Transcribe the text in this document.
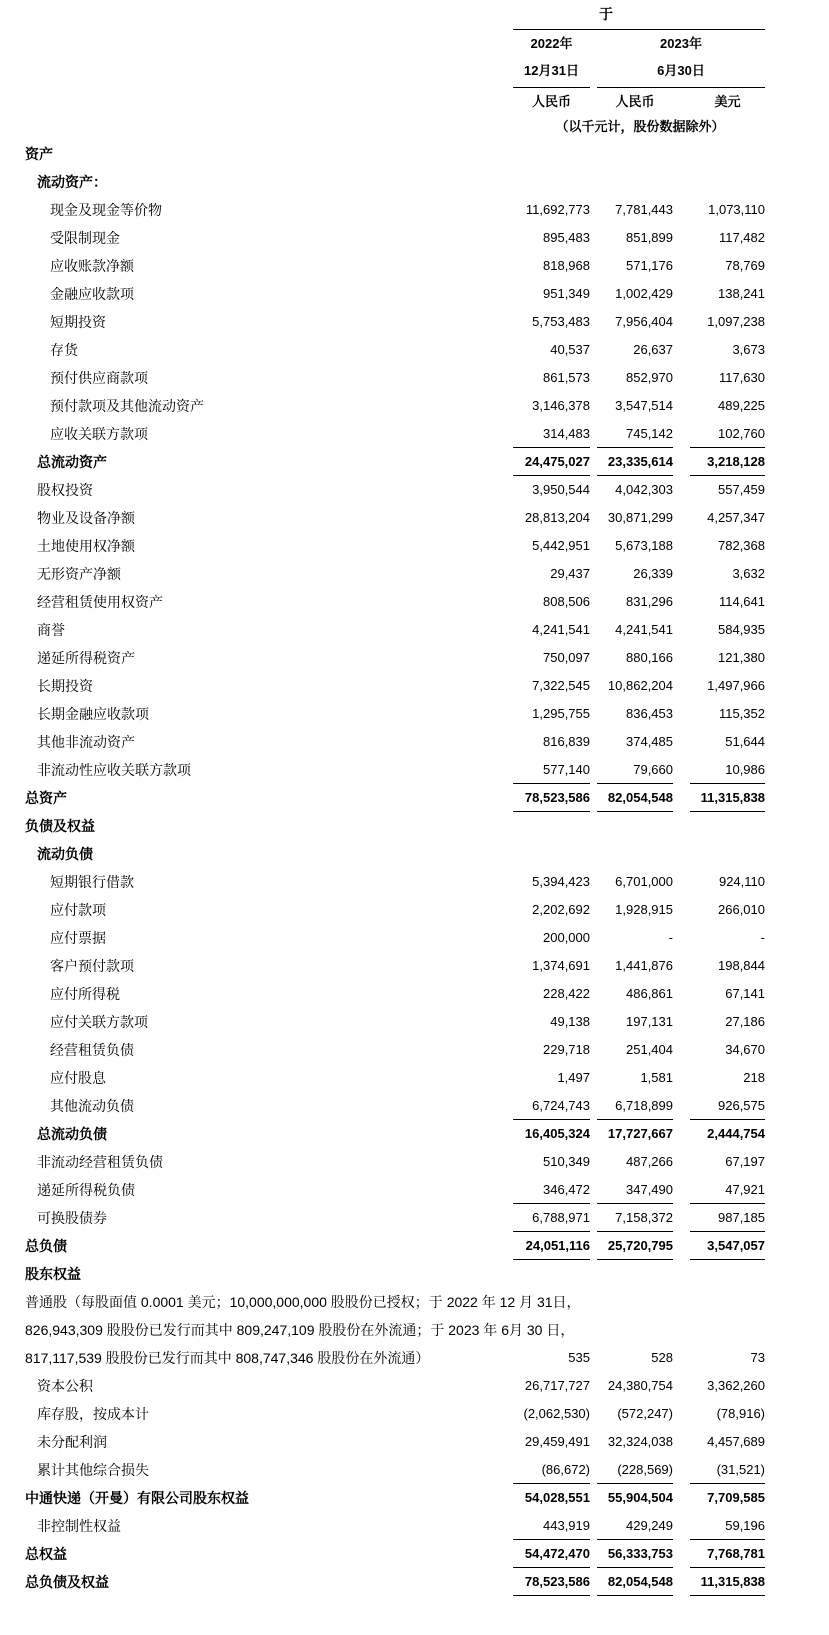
于
2022年	2023年
12月31日	6月30日
人民币	人民币	美元
（以千元计，股份数据除外）
资产
流动资产：
现金及现金等价物	11,692,773	7,781,443	1,073,110
受限制现金	895,483	851,899	117,482
应收账款净额	818,968	571,176	78,769
金融应收款项	951,349	1,002,429	138,241
短期投资	5,753,483	7,956,404	1,097,238
存货	40,537	26,637	3,673
预付供应商款项	861,573	852,970	117,630
预付款项及其他流动资产	3,146,378	3,547,514	489,225
应收关联方款项	314,483	745,142	102,760
总流动资产	24,475,027	23,335,614	3,218,128
股权投资	3,950,544	4,042,303	557,459
物业及设备净额	28,813,204	30,871,299	4,257,347
土地使用权净额	5,442,951	5,673,188	782,368
无形资产净额	29,437	26,339	3,632
经营租赁使用权资产	808,506	831,296	114,641
商誉	4,241,541	4,241,541	584,935
递延所得税资产	750,097	880,166	121,380
长期投资	7,322,545	10,862,204	1,497,966
长期金融应收款项	1,295,755	836,453	115,352
其他非流动资产	816,839	374,485	51,644
非流动性应收关联方款项	577,140	79,660	10,986
总资产	78,523,586	82,054,548	11,315,838
负债及权益
流动负债
短期银行借款	5,394,423	6,701,000	924,110
应付款项	2,202,692	1,928,915	266,010
应付票据	200,000	-	-
客户预付款项	1,374,691	1,441,876	198,844
应付所得税	228,422	486,861	67,141
应付关联方款项	49,138	197,131	27,186
经营租赁负债	229,718	251,404	34,670
应付股息	1,497	1,581	218
其他流动负债	6,724,743	6,718,899	926,575
总流动负债	16,405,324	17,727,667	2,444,754
非流动经营租赁负债	510,349	487,266	67,197
递延所得税负债	346,472	347,490	47,921
可换股债券	6,788,971	7,158,372	987,185
总负债	24,051,116	25,720,795	3,547,057
股东权益
普通股（每股面值 0.0001 美元；10,000,000,000 股股份已授权；于 2022 年 12 月 31日，
826,943,309 股股份已发行而其中 809,247,109 股股份在外流通；于 2023 年 6月 30 日，
817,117,539 股股份已发行而其中 808,747,346 股股份在外流通）	535	528	73
资本公积	26,717,727	24,380,754	3,362,260
库存股，按成本计	(2,062,530)	(572,247)	(78,916)
未分配利润	29,459,491	32,324,038	4,457,689
累计其他综合损失	(86,672)	(228,569)	(31,521)
中通快递（开曼）有限公司股东权益	54,028,551	55,904,504	7,709,585
非控制性权益	443,919	429,249	59,196
总权益	54,472,470	56,333,753	7,768,781
总负债及权益	78,523,586	82,054,548	11,315,838
